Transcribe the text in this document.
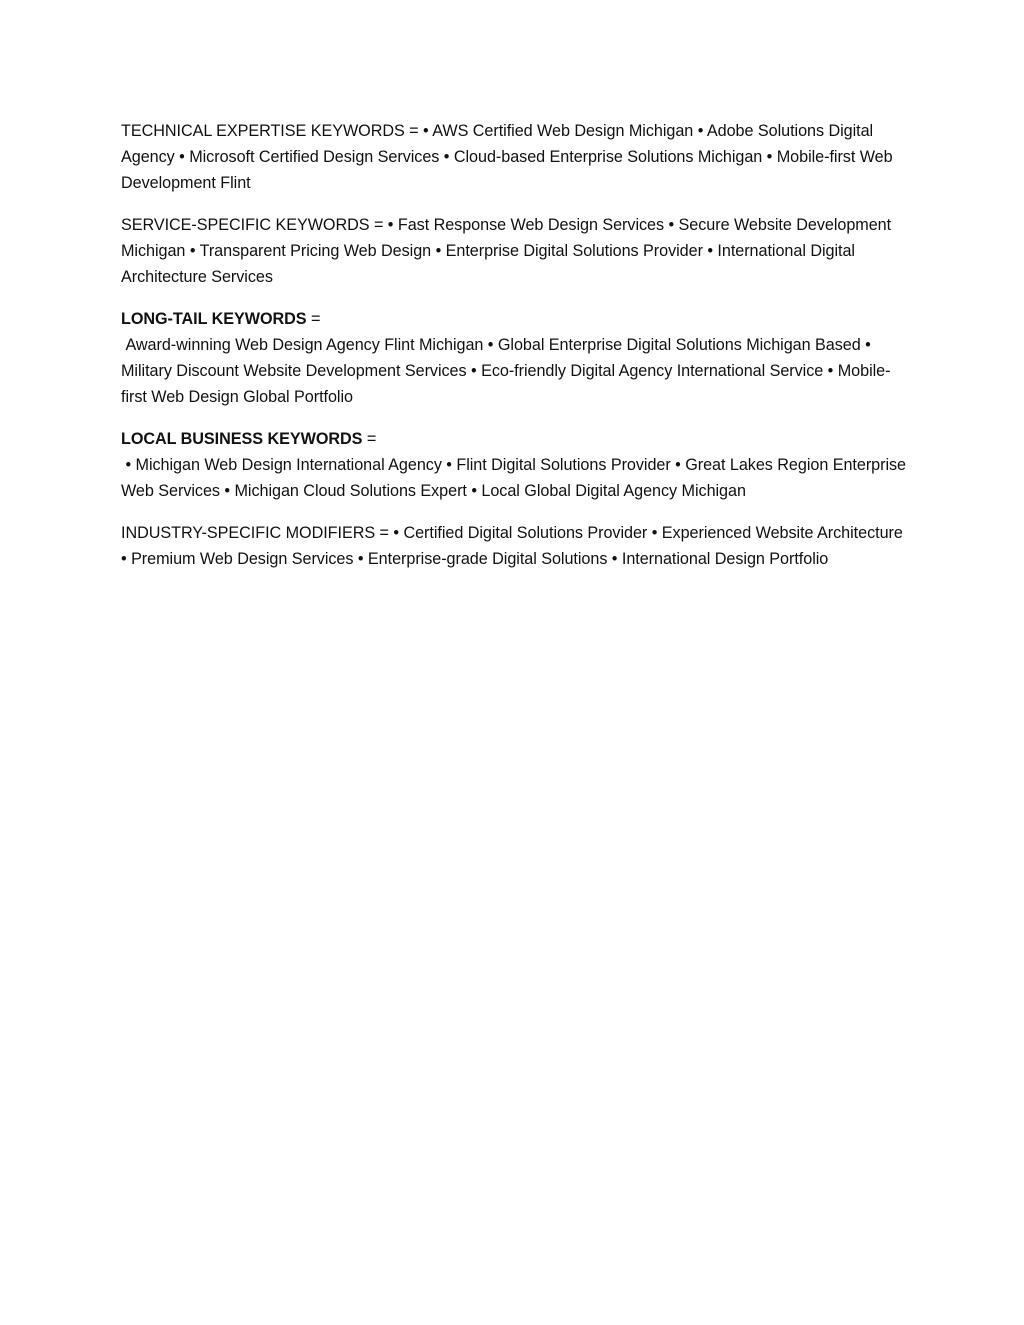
TECHNICAL EXPERTISE KEYWORDS = • AWS Certified Web Design Michigan • Adobe Solutions Digital Agency • Microsoft Certified Design Services • Cloud-based Enterprise Solutions Michigan • Mobile-first Web Development Flint

SERVICE-SPECIFIC KEYWORDS = • Fast Response Web Design Services • Secure Website Development Michigan • Transparent Pricing Web Design • Enterprise Digital Solutions Provider • International Digital Architecture Services

LONG-TAIL KEYWORDS =
Award-winning Web Design Agency Flint Michigan • Global Enterprise Digital Solutions Michigan Based • Military Discount Website Development Services • Eco-friendly Digital Agency International Service • Mobile-first Web Design Global Portfolio

LOCAL BUSINESS KEYWORDS =
• Michigan Web Design International Agency • Flint Digital Solutions Provider • Great Lakes Region Enterprise Web Services • Michigan Cloud Solutions Expert • Local Global Digital Agency Michigan

INDUSTRY-SPECIFIC MODIFIERS = • Certified Digital Solutions Provider • Experienced Website Architecture • Premium Web Design Services • Enterprise-grade Digital Solutions • International Design Portfolio
